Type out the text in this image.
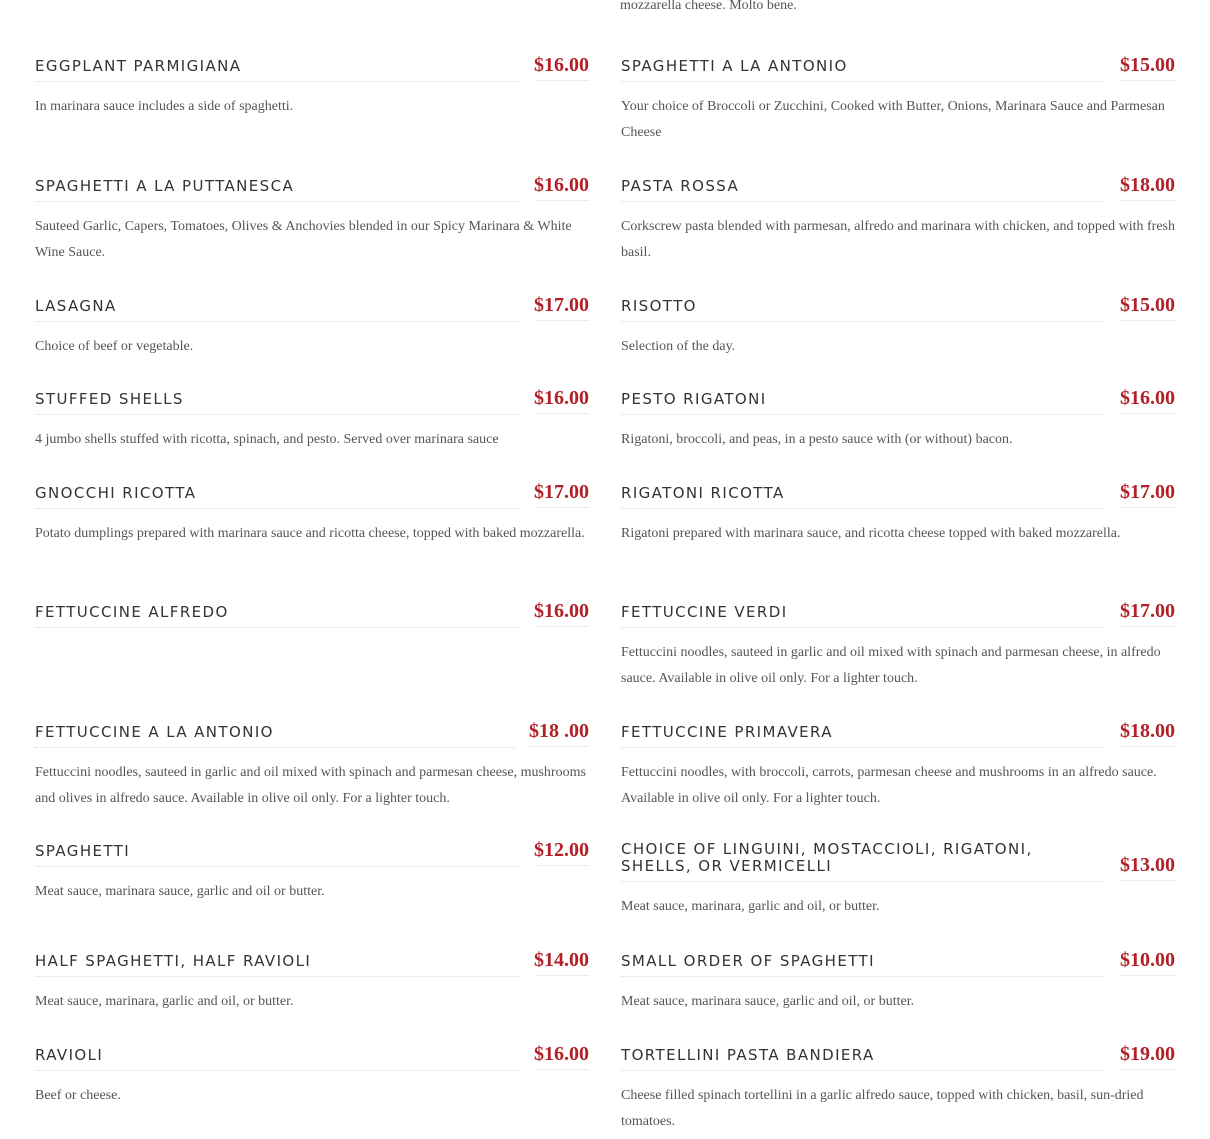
mozzarella cheese. Molto bene.
EGGPLANT PARMIGIANA	$16.00
In marinara sauce includes a side of spaghetti.
SPAGHETTI A LA ANTONIO	$15.00
Your choice of Broccoli or Zucchini, Cooked with Butter, Onions, Marinara Sauce and Parmesan Cheese
SPAGHETTI A LA PUTTANESCA	$16.00
Sauteed Garlic, Capers, Tomatoes, Olives & Anchovies blended in our Spicy Marinara & White Wine Sauce.
PASTA ROSSA	$18.00
Corkscrew pasta blended with parmesan, alfredo and marinara with chicken, and topped with fresh basil.
LASAGNA	$17.00
Choice of beef or vegetable.
RISOTTO	$15.00
Selection of the day.
STUFFED SHELLS	$16.00
4 jumbo shells stuffed with ricotta, spinach, and pesto. Served over marinara sauce
PESTO RIGATONI	$16.00
Rigatoni, broccoli, and peas, in a pesto sauce with (or without) bacon.
GNOCCHI RICOTTA	$17.00
Potato dumplings prepared with marinara sauce and ricotta cheese, topped with baked mozzarella.
RIGATONI RICOTTA	$17.00
Rigatoni prepared with marinara sauce, and ricotta cheese topped with baked mozzarella.
FETTUCCINE ALFREDO	$16.00 FETTUCCINE VERDI	$17.00
Fettuccini noodles, sauteed in garlic and oil mixed with spinach and parmesan cheese, in alfredo sauce. Available in olive oil only. For a lighter touch.
FETTUCCINE A LA ANTONIO	$18 .00
Fettuccini noodles, sauteed in garlic and oil mixed with spinach and parmesan cheese, mushrooms and olives in alfredo sauce. Available in olive oil only. For a lighter touch.
FETTUCCINE PRIMAVERA	$18.00
Fettuccini noodles, with broccoli, carrots, parmesan cheese and mushrooms in an alfredo sauce. Available in olive oil only. For a lighter touch.
SPAGHETTI	$12.00
Meat sauce, marinara sauce, garlic and oil or butter.
CHOICE OF LINGUINI, MOSTACCIOLI, RIGATONI, SHELLS, OR VERMICELLI	$13.00
Meat sauce, marinara, garlic and oil, or butter.
HALF SPAGHETTI, HALF RAVIOLI	$14.00
Meat sauce, marinara, garlic and oil, or butter.
SMALL ORDER OF SPAGHETTI	$10.00
Meat sauce, marinara sauce, garlic and oil, or butter.
RAVIOLI	$16.00
Beef or cheese.
TORTELLINI PASTA BANDIERA	$19.00
Cheese filled spinach tortellini in a garlic alfredo sauce, topped with chicken, basil, sun-dried tomatoes.
